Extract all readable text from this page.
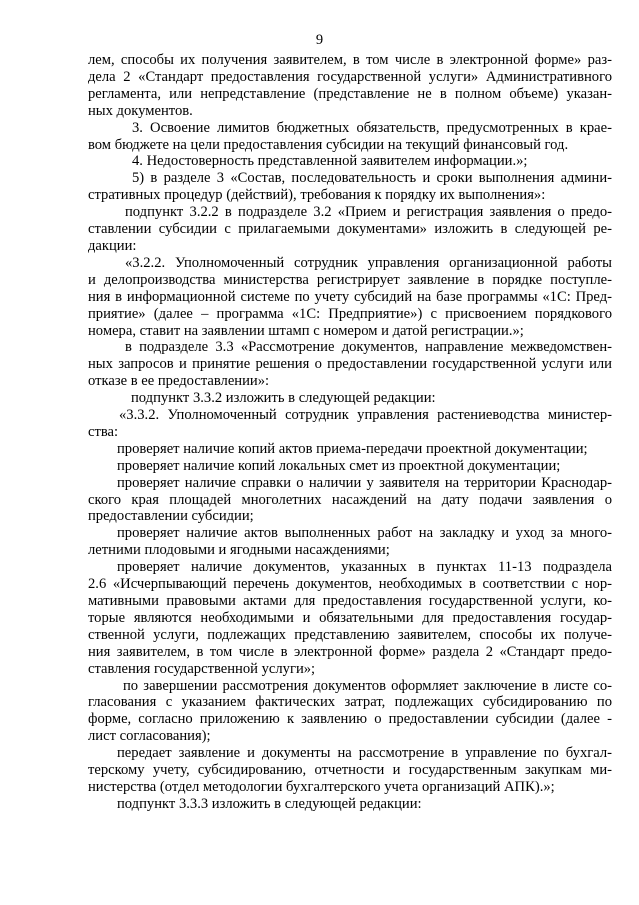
9
лем, способы их получения заявителем, в том числе в электронной форме» раз-
дела 2 «Стандарт предоставления государственной услуги» Административного
регламента, или непредставление (представление не в полном объеме) указан-
ных документов.
3. Освоение лимитов бюджетных обязательств, предусмотренных в крае-
вом бюджете на цели предоставления субсидии на текущий финансовый год.
4. Недостоверность представленной заявителем информации.»;
5) в разделе 3 «Состав, последовательность и сроки выполнения админи-
стративных процедур (действий), требования к порядку их выполнения»:
подпункт 3.2.2 в подразделе 3.2 «Прием и регистрация заявления о предо-
ставлении субсидии с прилагаемыми документами» изложить в следующей ре-
дакции:
«3.2.2. Уполномоченный сотрудник управления организационной работы
и делопроизводства министерства регистрирует заявление в порядке поступле-
ния в информационной системе по учету субсидий на базе программы «1С: Пред-
приятие» (далее – программа «1С: Предприятие») с присвоением порядкового
номера, ставит на заявлении штамп с номером и датой регистрации.»;
в подразделе 3.3 «Рассмотрение документов, направление межведомствен-
ных запросов и принятие решения о предоставлении государственной услуги или
отказе в ее предоставлении»:
подпункт 3.3.2 изложить в следующей редакции:
«3.3.2. Уполномоченный сотрудник управления растениеводства министер-
ства:
проверяет наличие копий актов приема-передачи проектной документации;
проверяет наличие копий локальных смет из проектной документации;
проверяет наличие справки о наличии у заявителя на территории Краснодар-
ского края площадей многолетних насаждений на дату подачи заявления о
предоставлении субсидии;
проверяет наличие актов выполненных работ на закладку и уход за много-
летними плодовыми и ягодными насаждениями;
проверяет наличие документов, указанных в пунктах 11-13 подраздела
2.6 «Исчерпывающий перечень документов, необходимых в соответствии с нор-
мативными правовыми актами для предоставления государственной услуги, ко-
торые являются необходимыми и обязательными для предоставления государ-
ственной услуги, подлежащих представлению заявителем, способы их получе-
ния заявителем, в том числе в электронной форме» раздела 2 «Стандарт предо-
ставления государственной услуги»;
по завершении рассмотрения документов оформляет заключение в листе со-
гласования с указанием фактических затрат, подлежащих субсидированию по
форме, согласно приложению к заявлению о предоставлении субсидии (далее -
лист согласования);
передает заявление и документы на рассмотрение в управление по бухгал-
терскому учету, субсидированию, отчетности и государственным закупкам ми-
нистерства (отдел методологии бухгалтерского учета организаций АПК).»;
подпункт 3.3.3 изложить в следующей редакции:
